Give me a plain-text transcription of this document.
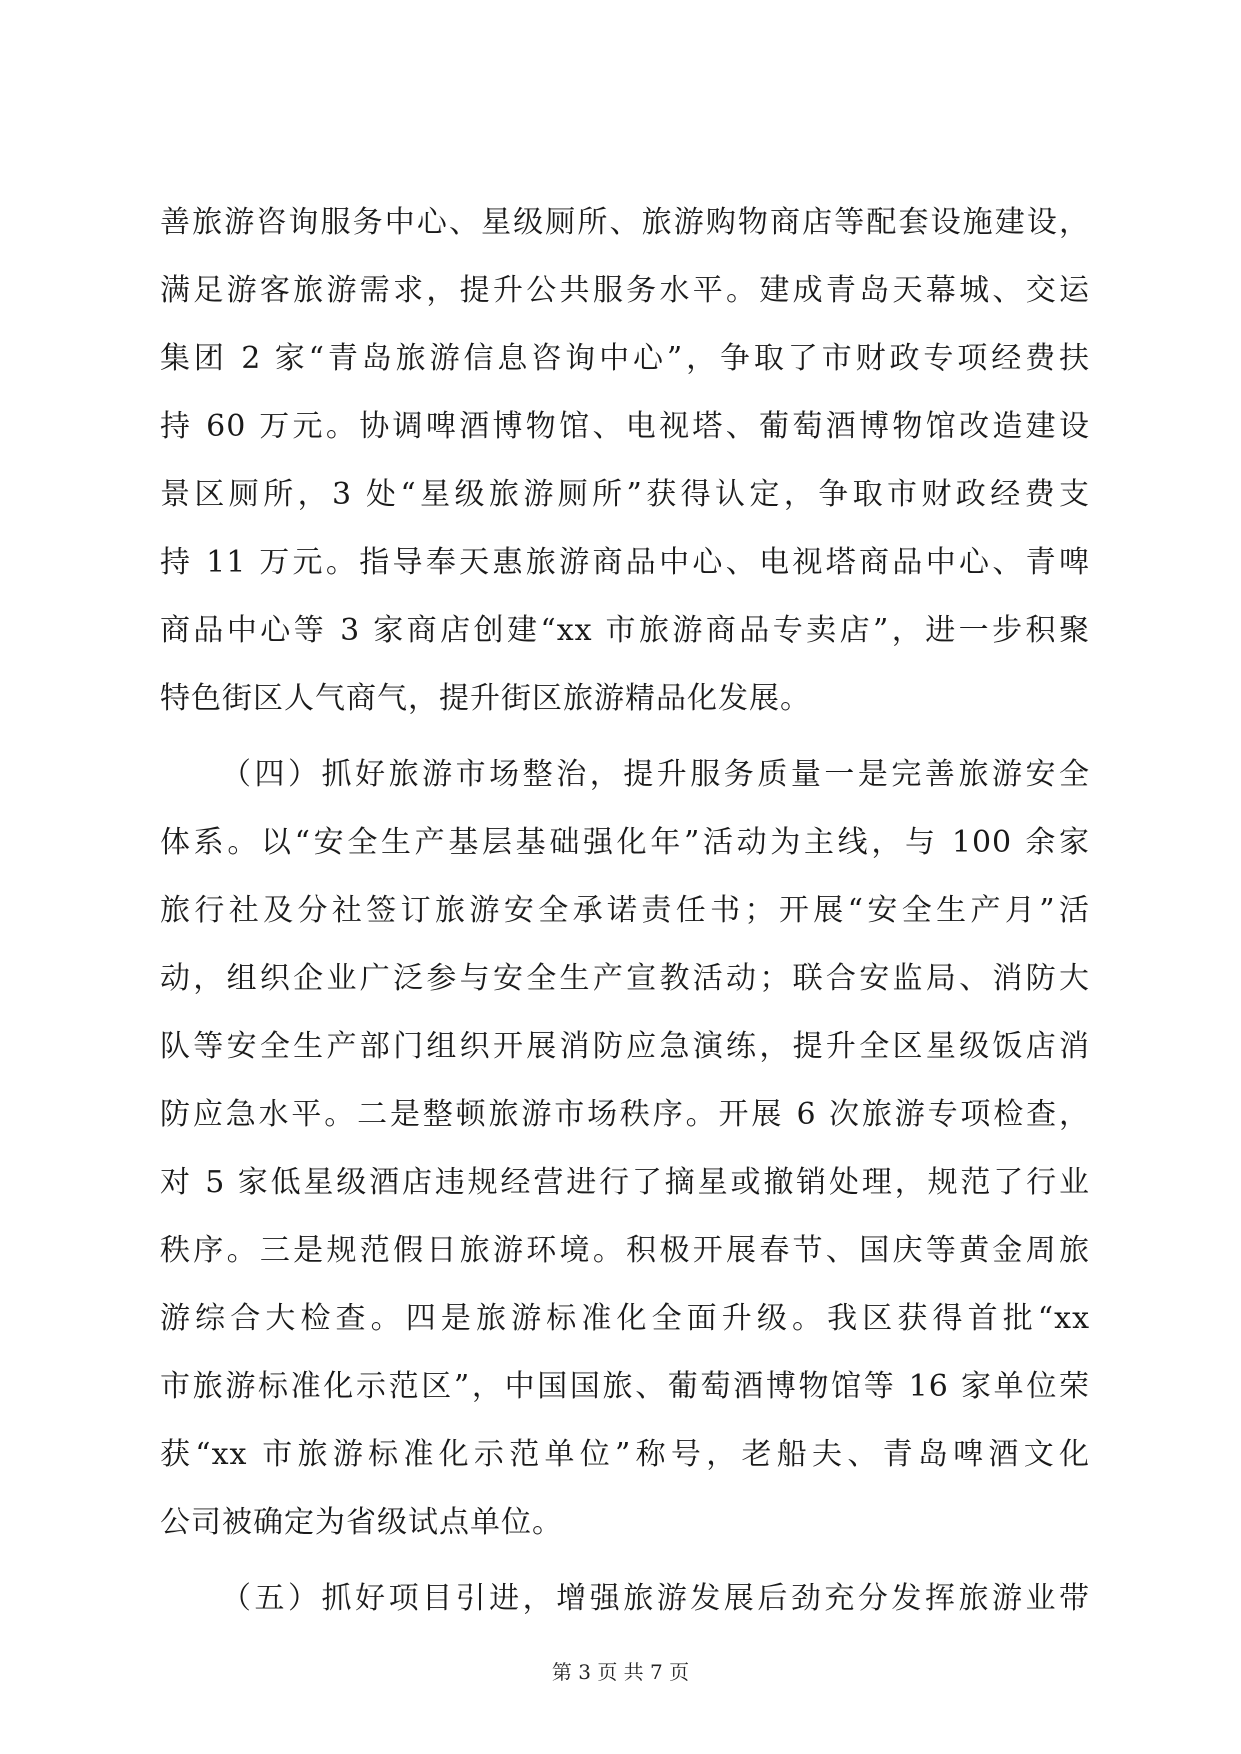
善旅游咨询服务中心、星级厕所、旅游购物商店等配套设施建设，
满足游客旅游需求，提升公共服务水平。建成青岛天幕城、交运
集团 2 家“青岛旅游信息咨询中心”，争取了市财政专项经费扶
持 60 万元。协调啤酒博物馆、电视塔、葡萄酒博物馆改造建设
景区厕所，3 处“星级旅游厕所”获得认定，争取市财政经费支
持 11 万元。指导奉天惠旅游商品中心、电视塔商品中心、青啤
商品中心等 3 家商店创建“xx 市旅游商品专卖店”，进一步积聚
特色街区人气商气，提升街区旅游精品化发展。
（四）抓好旅游市场整治，提升服务质量一是完善旅游安全
体系。以“安全生产基层基础强化年”活动为主线，与 100 余家
旅行社及分社签订旅游安全承诺责任书；开展“安全生产月”活
动，组织企业广泛参与安全生产宣教活动；联合安监局、消防大
队等安全生产部门组织开展消防应急演练，提升全区星级饭店消
防应急水平。二是整顿旅游市场秩序。开展 6 次旅游专项检查，
对 5 家低星级酒店违规经营进行了摘星或撤销处理，规范了行业
秩序。三是规范假日旅游环境。积极开展春节、国庆等黄金周旅
游综合大检查。四是旅游标准化全面升级。我区获得首批“xx
市旅游标准化示范区”，中国国旅、葡萄酒博物馆等 16 家单位荣
获“xx 市旅游标准化示范单位”称号，老船夫、青岛啤酒文化
公司被确定为省级试点单位。
（五）抓好项目引进，增强旅游发展后劲充分发挥旅游业带
第 3 页 共 7 页
